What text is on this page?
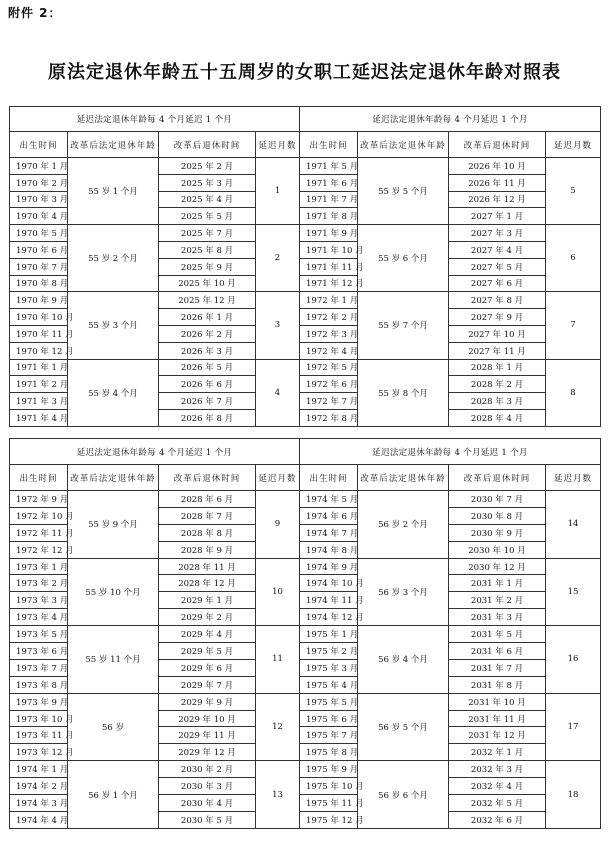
附件 2：
原法定退休年龄五十五周岁的女职工延迟法定退休年龄对照表
延迟法定退休年龄每 4 个月延迟 1 个月				延迟法定退休年龄每 4 个月延迟 1 个月			
出生时间	改革后法定退休年龄	改革后退休时间	延迟月数	出生时间	改革后法定退休年龄	改革后退休时间	延迟月数
1970 年 1 月	55 岁 1 个月	2025 年 2 月	1	1971 年 5 月	55 岁 5 个月	2026 年 10 月	5
1970 年 2 月		2025 年 3 月		1971 年 6 月		2026 年 11 月	
1970 年 3 月		2025 年 4 月		1971 年 7 月		2026 年 12 月	
1970 年 4 月		2025 年 5 月		1971 年 8 月		2027 年 1 月	
1970 年 5 月	55 岁 2 个月	2025 年 7 月	2	1971 年 9 月	55 岁 6 个月	2027 年 3 月	6
1970 年 6 月		2025 年 8 月		1971 年 10 月		2027 年 4 月	
1970 年 7 月		2025 年 9 月		1971 年 11 月		2027 年 5 月	
1970 年 8 月		2025 年 10 月		1971 年 12 月		2027 年 6 月	
1970 年 9 月	55 岁 3 个月	2025 年 12 月	3	1972 年 1 月	55 岁 7 个月	2027 年 8 月	7
1970 年 10 月		2026 年 1 月		1972 年 2 月		2027 年 9 月	
1970 年 11 月		2026 年 2 月		1972 年 3 月		2027 年 10 月	
1970 年 12 月		2026 年 3 月		1972 年 4 月		2027 年 11 月	
1971 年 1 月	55 岁 4 个月	2026 年 5 月	4	1972 年 5 月	55 岁 8 个月	2028 年 1 月	8
1971 年 2 月		2026 年 6 月		1972 年 6 月		2028 年 2 月	
1971 年 3 月		2026 年 7 月		1972 年 7 月		2028 年 3 月	
1971 年 4 月		2026 年 8 月		1972 年 8 月		2028 年 4 月	
延迟法定退休年龄每 4 个月延迟 1 个月				延迟法定退休年龄每 4 个月延迟 1 个月			
出生时间	改革后法定退休年龄	改革后退休时间	延迟月数	出生时间	改革后法定退休年龄	改革后退休时间	延迟月数
1972 年 9 月	55 岁 9 个月	2028 年 6 月	9	1974 年 5 月	56 岁 2 个月	2030 年 7 月	14
1972 年 10 月		2028 年 7 月		1974 年 6 月		2030 年 8 月	
1972 年 11 月		2028 年 8 月		1974 年 7 月		2030 年 9 月	
1972 年 12 月		2028 年 9 月		1974 年 8 月		2030 年 10 月	
1973 年 1 月	55 岁 10 个月	2028 年 11 月	10	1974 年 9 月	56 岁 3 个月	2030 年 12 月	15
1973 年 2 月		2028 年 12 月		1974 年 10 月		2031 年 1 月	
1973 年 3 月		2029 年 1 月		1974 年 11 月		2031 年 2 月	
1973 年 4 月		2029 年 2 月		1974 年 12 月		2031 年 3 月	
1973 年 5 月	55 岁 11 个月	2029 年 4 月	11	1975 年 1 月	56 岁 4 个月	2031 年 5 月	16
1973 年 6 月		2029 年 5 月		1975 年 2 月		2031 年 6 月	
1973 年 7 月		2029 年 6 月		1975 年 3 月		2031 年 7 月	
1973 年 8 月		2029 年 7 月		1975 年 4 月		2031 年 8 月	
1973 年 9 月	56 岁	2029 年 9 月	12	1975 年 5 月	56 岁 5 个月	2031 年 10 月	17
1973 年 10 月		2029 年 10 月		1975 年 6 月		2031 年 11 月	
1973 年 11 月		2029 年 11 月		1975 年 7 月		2031 年 12 月	
1973 年 12 月		2029 年 12 月		1975 年 8 月		2032 年 1 月	
1974 年 1 月	56 岁 1 个月	2030 年 2 月	13	1975 年 9 月	56 岁 6 个月	2032 年 3 月	18
1974 年 2 月		2030 年 3 月		1975 年 10 月		2032 年 4 月	
1974 年 3 月		2030 年 4 月		1975 年 11 月		2032 年 5 月	
1974 年 4 月		2030 年 5 月		1975 年 12 月		2032 年 6 月	
